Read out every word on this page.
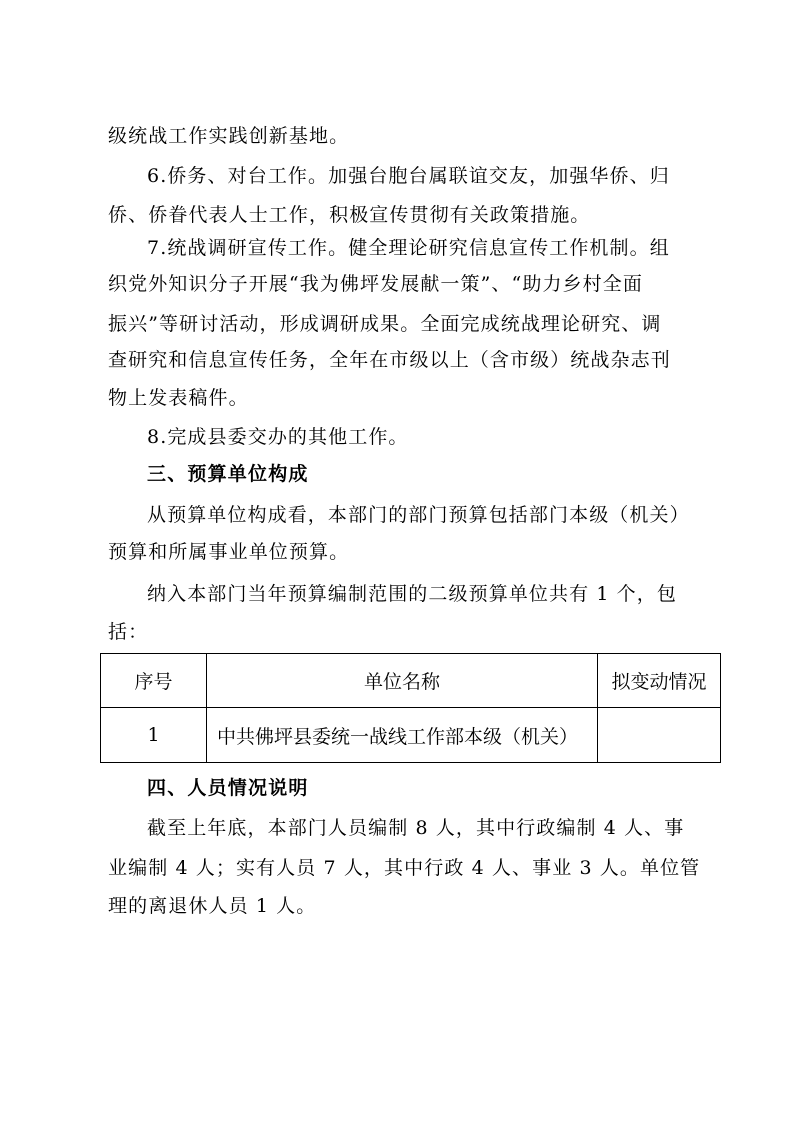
级统战工作实践创新基地。
6.侨务、对台工作。加强台胞台属联谊交友，加强华侨、归
侨、侨眷代表人士工作，积极宣传贯彻有关政策措施。
7.统战调研宣传工作。健全理论研究信息宣传工作机制。组
织党外知识分子开展“我为佛坪发展献一策”、“助力乡村全面
振兴”等研讨活动，形成调研成果。全面完成统战理论研究、调
查研究和信息宣传任务，全年在市级以上（含市级）统战杂志刊
物上发表稿件。
8.完成县委交办的其他工作。
三、预算单位构成
从预算单位构成看，本部门的部门预算包括部门本级（机关）
预算和所属事业单位预算。
纳入本部门当年预算编制范围的二级预算单位共有 1 个，包
括：
序号	单位名称	拟变动情况
1	中共佛坪县委统一战线工作部本级（机关）	
四、人员情况说明
截至上年底，本部门人员编制 8 人，其中行政编制 4 人、事
业编制 4 人；实有人员 7 人，其中行政 4 人、事业 3 人。单位管
理的离退休人员 1 人。
